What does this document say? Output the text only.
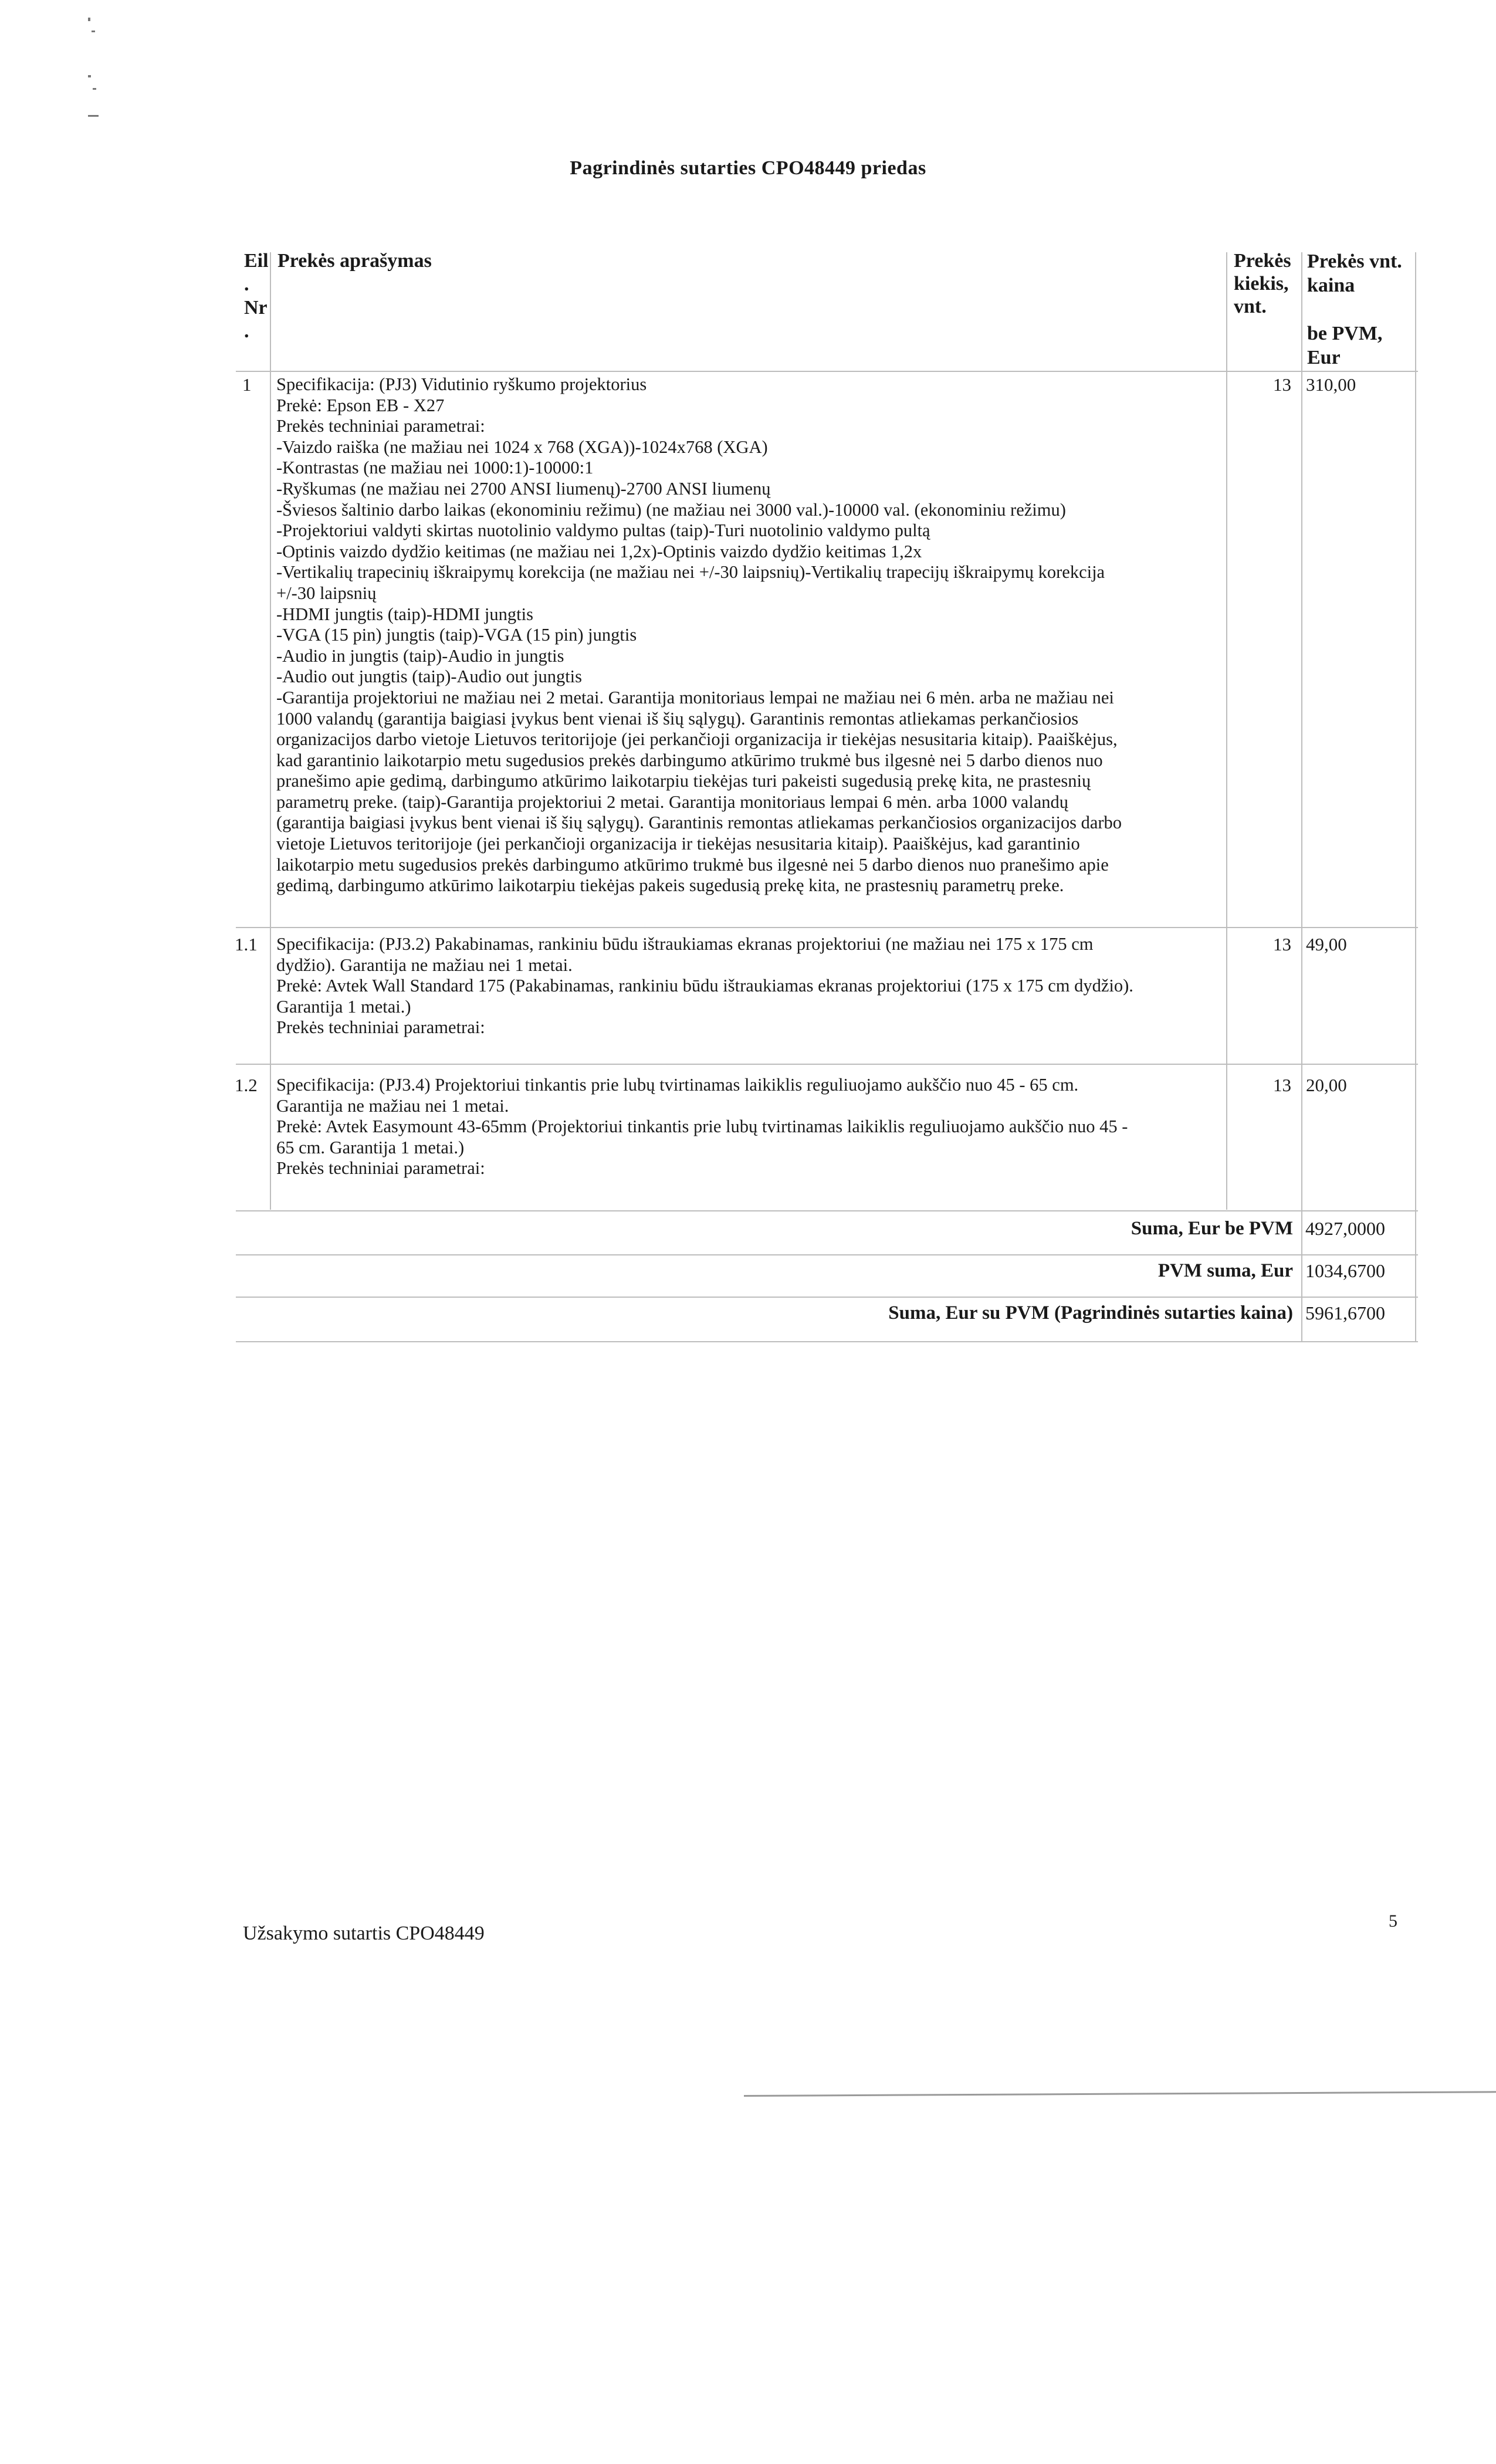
Pagrindinės sutarties CPO48449 priedas
Eil
.
Nr
.
Prekės aprašymas	Prekės
kiekis,
vnt.
Prekės vnt.
kaina
be PVM,
Eur
1 Specifikacija: (PJ3) Vidutinio ryškumo projektorius
Prekė: Epson EB - X27
Prekės techniniai parametrai:
-Vaizdo raiška (ne mažiau nei 1024 x 768 (XGA))-1024x768 (XGA)
-Kontrastas (ne mažiau nei 1000:1)-10000:1
-Ryškumas (ne mažiau nei 2700 ANSI liumenų)-2700 ANSI liumenų
-Šviesos šaltinio darbo laikas (ekonominiu režimu) (ne mažiau nei 3000 val.)-10000 val. (ekonominiu režimu)
-Projektoriui valdyti skirtas nuotolinio valdymo pultas (taip)-Turi nuotolinio valdymo pultą
-Optinis vaizdo dydžio keitimas (ne mažiau nei 1,2x)-Optinis vaizdo dydžio keitimas 1,2x
-Vertikalių trapecinių iškraipymų korekcija (ne mažiau nei +/-30 laipsnių)-Vertikalių trapecijų iškraipymų korekcija
+/-30 laipsnių
-HDMI jungtis (taip)-HDMI jungtis
-VGA (15 pin) jungtis (taip)-VGA (15 pin) jungtis
-Audio in jungtis (taip)-Audio in jungtis
-Audio out jungtis (taip)-Audio out jungtis
-Garantija projektoriui ne mažiau nei 2 metai. Garantija monitoriaus lempai ne mažiau nei 6 mėn. arba ne mažiau nei
1000 valandų (garantija baigiasi įvykus bent vienai iš šių sąlygų). Garantinis remontas atliekamas perkančiosios
organizacijos darbo vietoje Lietuvos teritorijoje (jei perkančioji organizacija ir tiekėjas nesusitaria kitaip). Paaiškėjus,
kad garantinio laikotarpio metu sugedusios prekės darbingumo atkūrimo trukmė bus ilgesnė nei 5 darbo dienos nuo
pranešimo apie gedimą, darbingumo atkūrimo laikotarpiu tiekėjas turi pakeisti sugedusią prekę kita, ne prastesnių
parametrų preke. (taip)-Garantija projektoriui 2 metai. Garantija monitoriaus lempai 6 mėn. arba 1000 valandų
(garantija baigiasi įvykus bent vienai iš šių sąlygų). Garantinis remontas atliekamas perkančiosios organizacijos darbo
vietoje Lietuvos teritorijoje (jei perkančioji organizacija ir tiekėjas nesusitaria kitaip). Paaiškėjus, kad garantinio
laikotarpio metu sugedusios prekės darbingumo atkūrimo trukmė bus ilgesnė nei 5 darbo dienos nuo pranešimo apie
gedimą, darbingumo atkūrimo laikotarpiu tiekėjas pakeis sugedusią prekę kita, ne prastesnių parametrų preke.
13 310,00
1.1 Specifikacija: (PJ3.2) Pakabinamas, rankiniu būdu ištraukiamas ekranas projektoriui (ne mažiau nei 175 x 175 cm
dydžio). Garantija ne mažiau nei 1 metai.
Prekė: Avtek Wall Standard 175 (Pakabinamas, rankiniu būdu ištraukiamas ekranas projektoriui (175 x 175 cm dydžio).
Garantija 1 metai.)
Prekės techniniai parametrai:
13 49,00
1.2 Specifikacija: (PJ3.4) Projektoriui tinkantis prie lubų tvirtinamas laikiklis reguliuojamo aukščio nuo 45 - 65 cm.
Garantija ne mažiau nei 1 metai.
Prekė: Avtek Easymount 43-65mm (Projektoriui tinkantis prie lubų tvirtinamas laikiklis reguliuojamo aukščio nuo 45 -
65 cm. Garantija 1 metai.)
Prekės techniniai parametrai:
13 20,00
Suma, Eur be PVM 4927,0000
PVM suma, Eur 1034,6700
Suma, Eur su PVM (Pagrindinės sutarties kaina) 5961,6700
Užsakymo sutartis CPO48449
5
